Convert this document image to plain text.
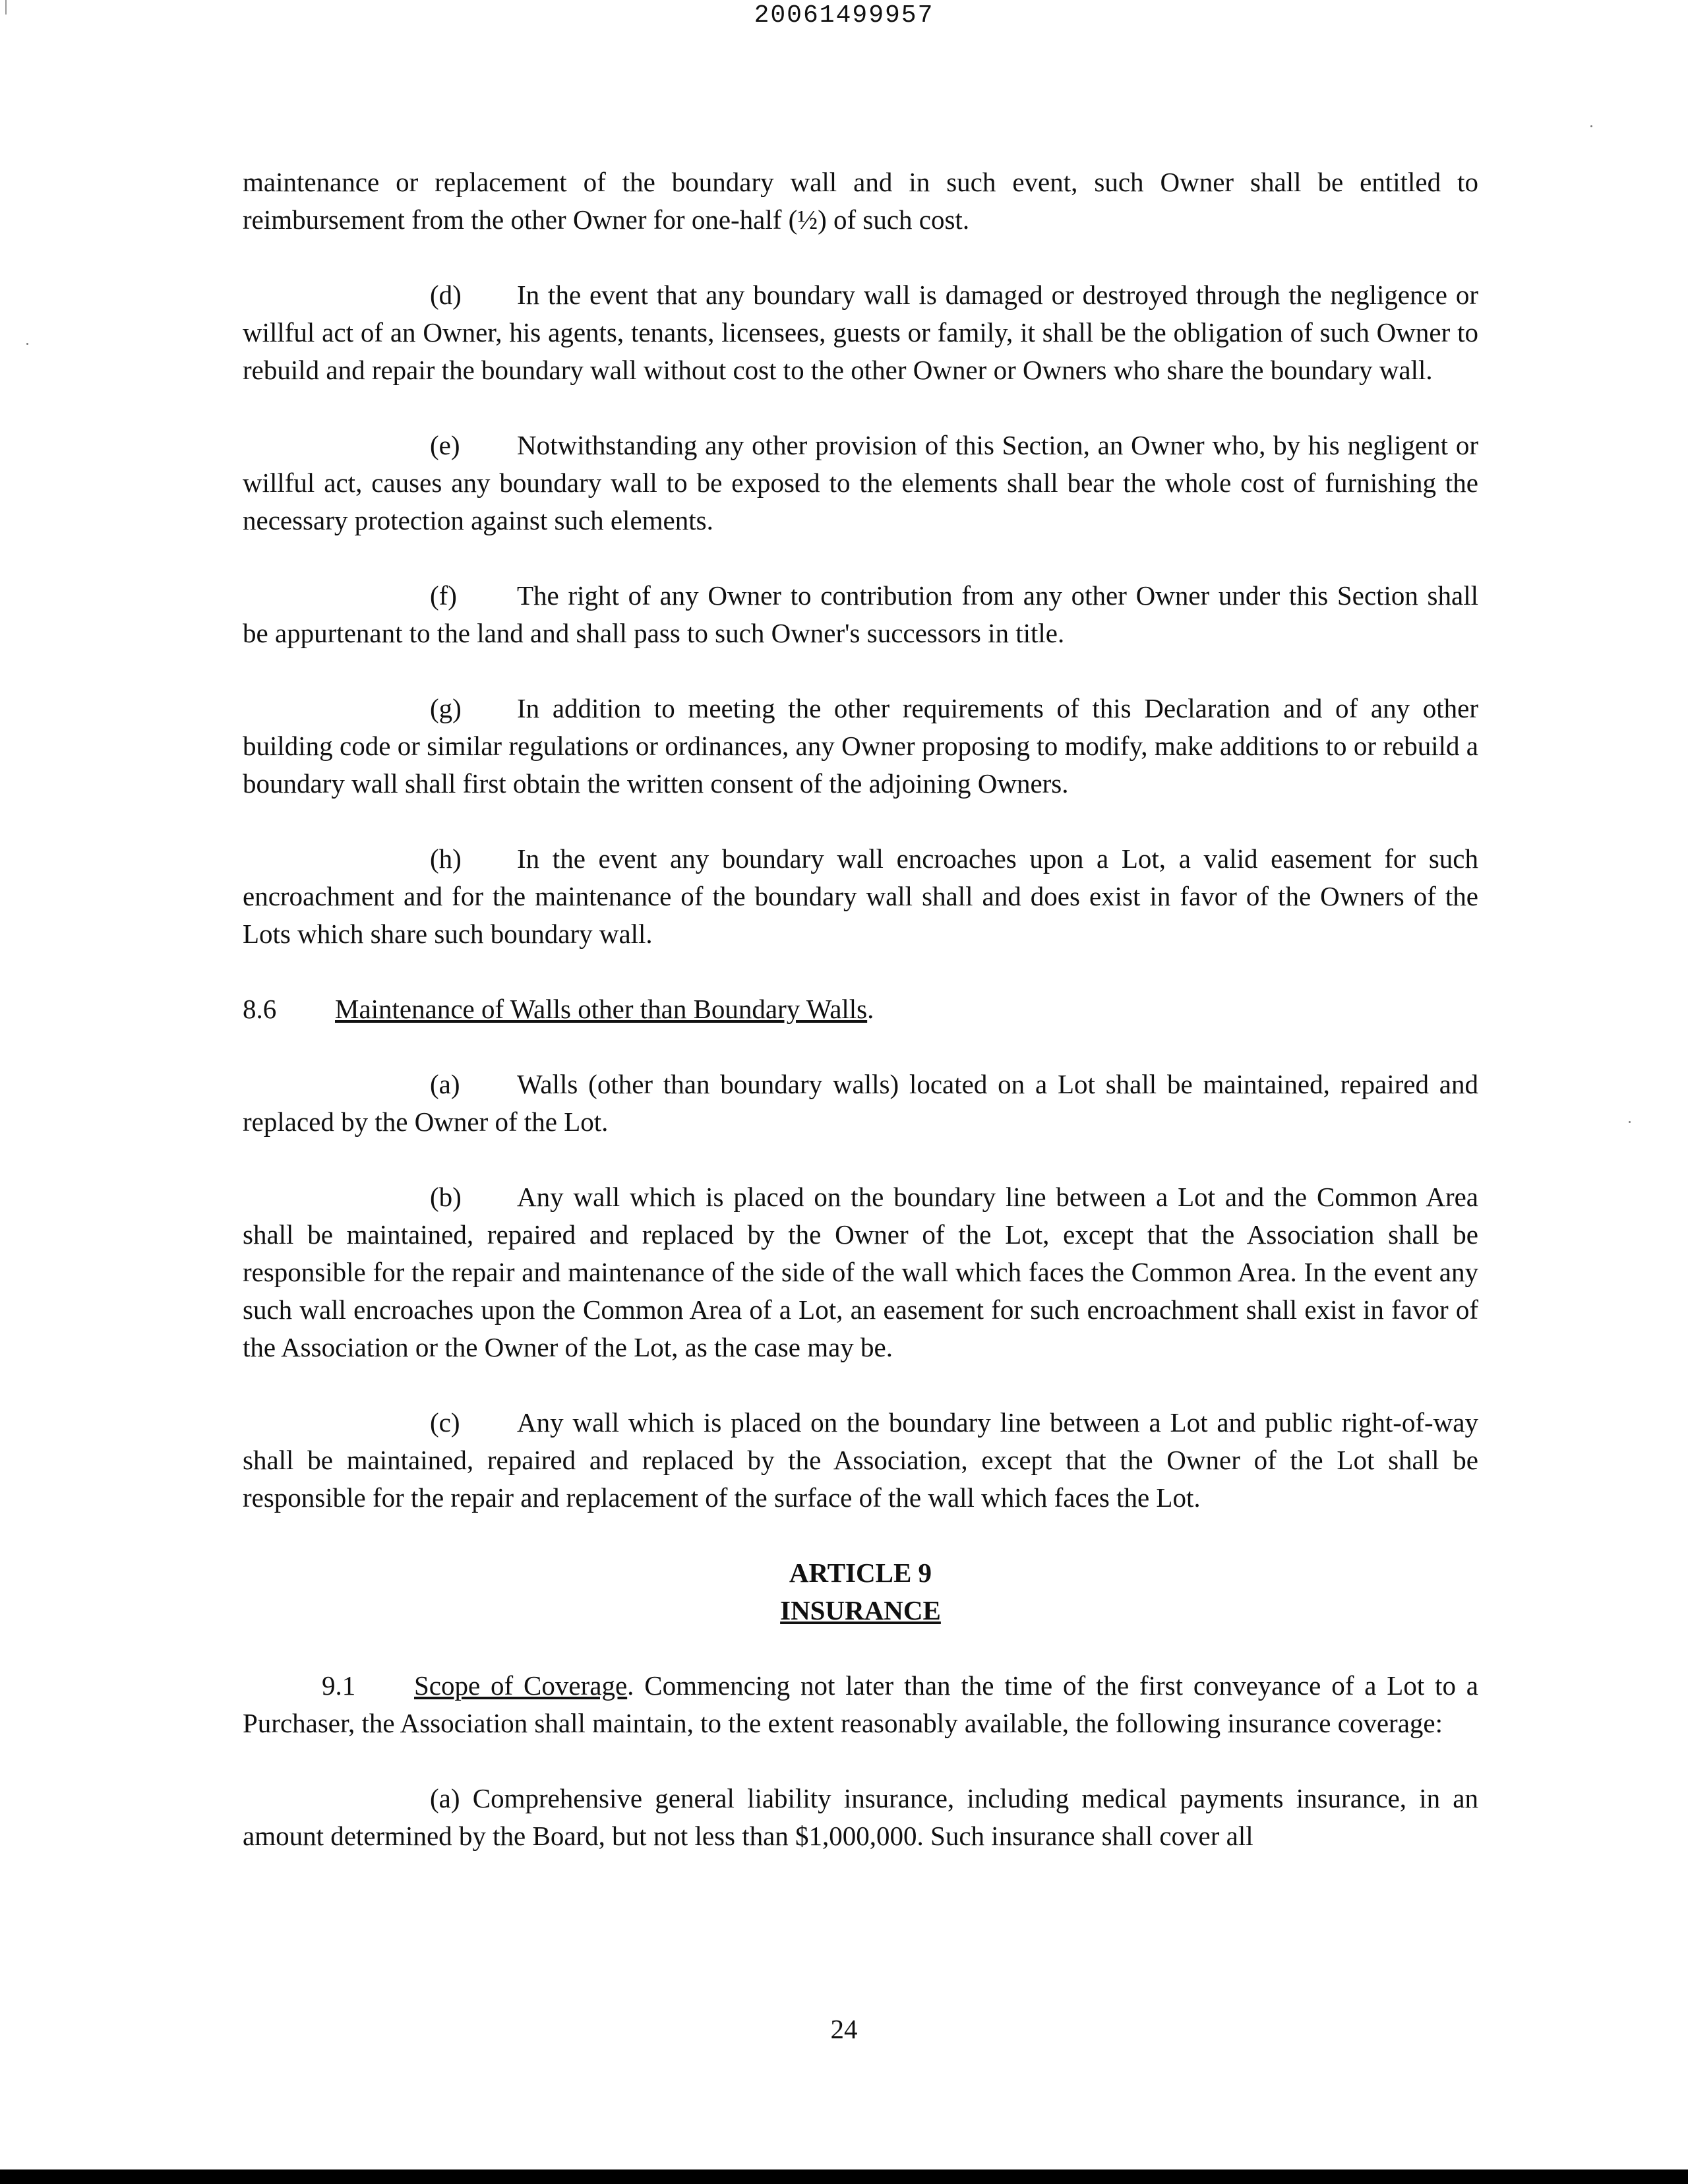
20061499957

maintenance or replacement of the boundary wall and in such event, such Owner shall be entitled to reimbursement from the other Owner for one-half (½) of such cost.

(d) In the event that any boundary wall is damaged or destroyed through the negligence or willful act of an Owner, his agents, tenants, licensees, guests or family, it shall be the obligation of such Owner to rebuild and repair the boundary wall without cost to the other Owner or Owners who share the boundary wall.

(e) Notwithstanding any other provision of this Section, an Owner who, by his negligent or willful act, causes any boundary wall to be exposed to the elements shall bear the whole cost of furnishing the necessary protection against such elements.

(f) The right of any Owner to contribution from any other Owner under this Section shall be appurtenant to the land and shall pass to such Owner's successors in title.

(g) In addition to meeting the other requirements of this Declaration and of any other building code or similar regulations or ordinances, any Owner proposing to modify, make additions to or rebuild a boundary wall shall first obtain the written consent of the adjoining Owners.

(h) In the event any boundary wall encroaches upon a Lot, a valid easement for such encroachment and for the maintenance of the boundary wall shall and does exist in favor of the Owners of the Lots which share such boundary wall.

8.6 Maintenance of Walls other than Boundary Walls.

(a) Walls (other than boundary walls) located on a Lot shall be maintained, repaired and replaced by the Owner of the Lot.

(b) Any wall which is placed on the boundary line between a Lot and the Common Area shall be maintained, repaired and replaced by the Owner of the Lot, except that the Association shall be responsible for the repair and maintenance of the side of the wall which faces the Common Area. In the event any such wall encroaches upon the Common Area of a Lot, an easement for such encroachment shall exist in favor of the Association or the Owner of the Lot, as the case may be.

(c) Any wall which is placed on the boundary line between a Lot and public right-of-way shall be maintained, repaired and replaced by the Association, except that the Owner of the Lot shall be responsible for the repair and replacement of the surface of the wall which faces the Lot.

ARTICLE 9
INSURANCE

9.1 Scope of Coverage. Commencing not later than the time of the first conveyance of a Lot to a Purchaser, the Association shall maintain, to the extent reasonably available, the following insurance coverage:

(a) Comprehensive general liability insurance, including medical payments insurance, in an amount determined by the Board, but not less than $1,000,000. Such insurance shall cover all

24
